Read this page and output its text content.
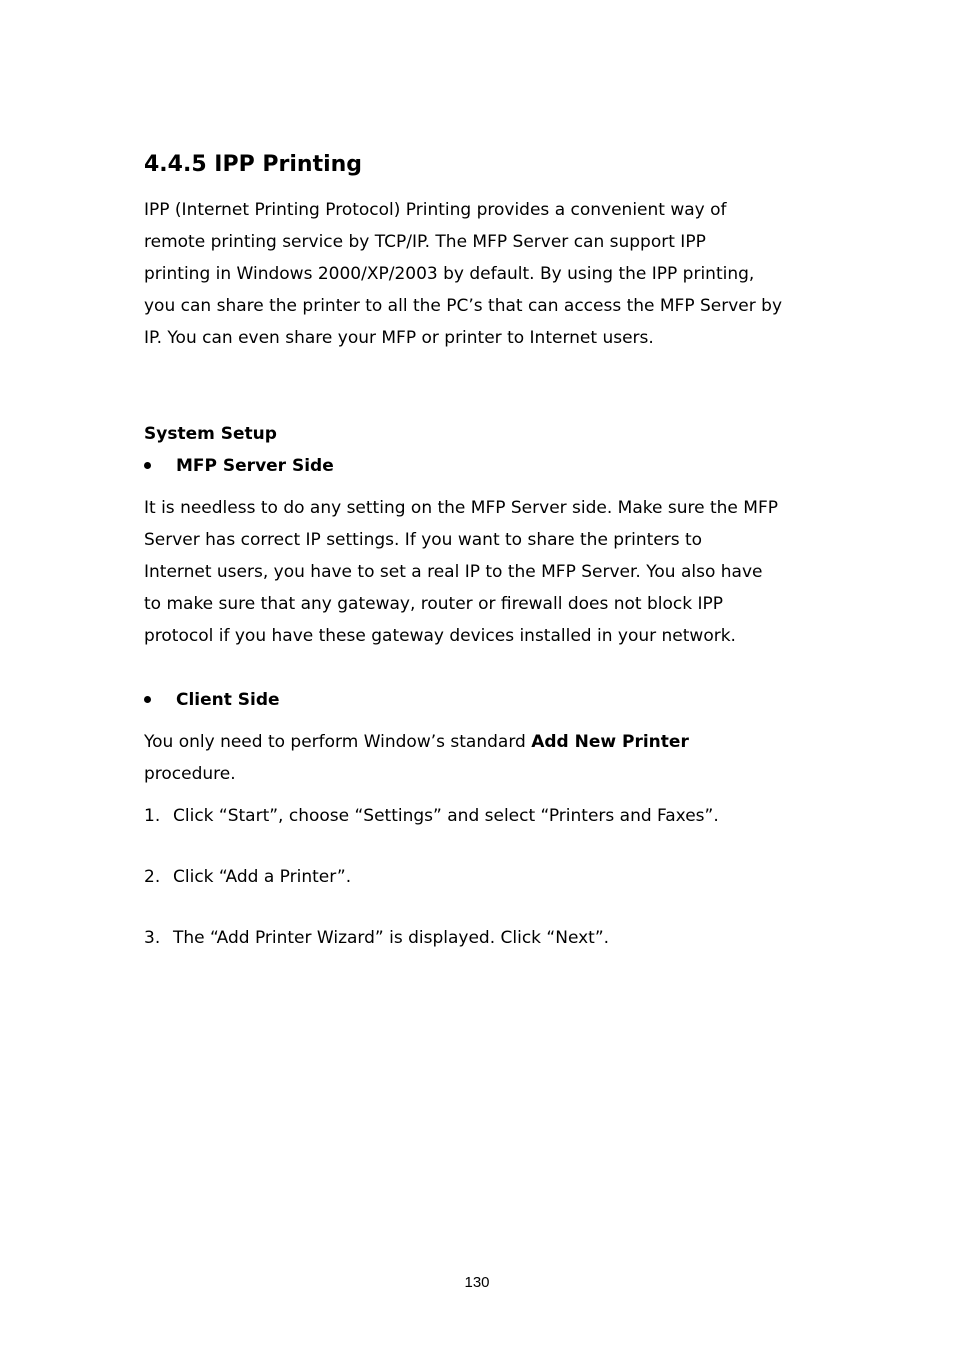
4.4.5 IPP Printing
IPP (Internet Printing Protocol) Printing provides a convenient way of
remote printing service by TCP/IP. The MFP Server can support IPP
printing in Windows 2000/XP/2003 by default. By using the IPP printing,
you can share the printer to all the PC’s that can access the MFP Server by
IP. You can even share your MFP or printer to Internet users.
System Setup
MFP Server Side
It is needless to do any setting on the MFP Server side. Make sure the MFP
Server has correct IP settings. If you want to share the printers to
Internet users, you have to set a real IP to the MFP Server. You also have
to make sure that any gateway, router or firewall does not block IPP
protocol if you have these gateway devices installed in your network.
Client Side
You only need to perform Window’s standard Add New Printer
procedure.
1. Click “Start”, choose “Settings” and select “Printers and Faxes”.
2. Click “Add a Printer”.
3. The “Add Printer Wizard” is displayed. Click “Next”.
130
